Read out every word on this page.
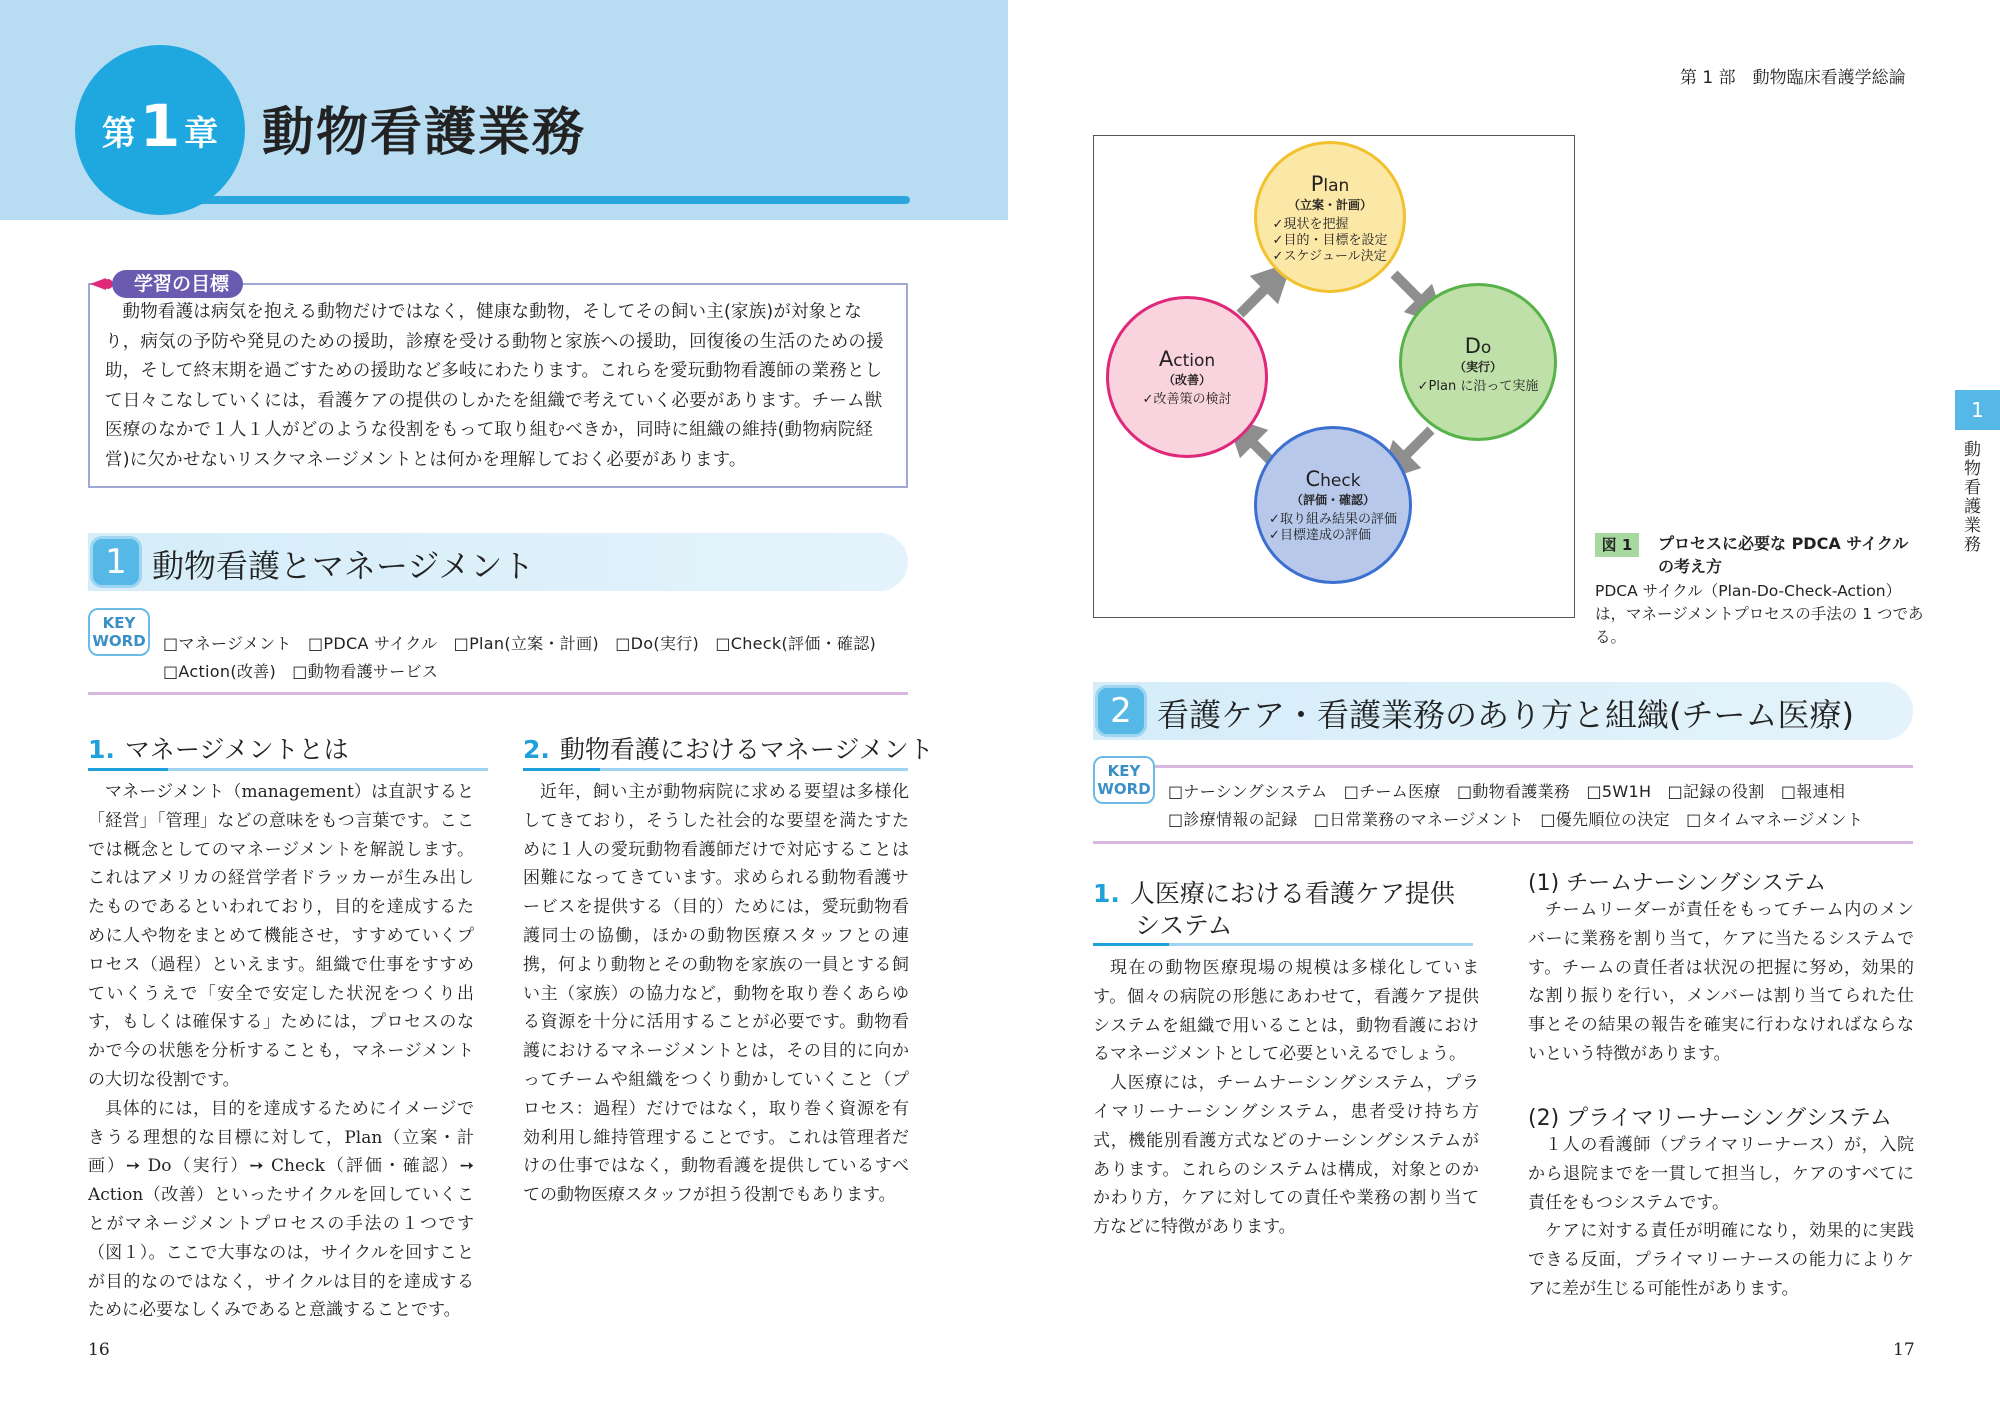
第 1 章 動物看護業務
学習の目標
動物看護は病気を抱える動物だけではなく，健康な動物，そしてその飼い主(家族)が対象となり，病気の予防や発見のための援助，診療を受ける動物と家族への援助，回復後の生活のための援助，そして終末期を過ごすための援助など多岐にわたります。これらを愛玩動物看護師の業務として日々こなしていくには，看護ケアの提供のしかたを組織で考えていく必要があります。チーム獣医療のなかで１人１人がどのような役割をもって取り組むべきか，同時に組織の維持(動物病院経営)に欠かせないリスクマネージメントとは何かを理解しておく必要があります。
1 動物看護とマネージメント
KEY
WORD □マネージメント　□PDCA サイクル　□Plan(立案・計画)　□Do(実行)　□Check(評価・確認)
□Action(改善)　□動物看護サービス
1. マネージメントとは

マネージメント（management）は直訳すると「経営」「管理」などの意味をもつ言葉です。ここでは概念としてのマネージメントを解説します。これはアメリカの経営学者ドラッカーが生み出したものであるといわれており，目的を達成するために人や物をまとめて機能させ，すすめていくプロセス（過程）といえます。組織で仕事をすすめていくうえで「安全で安定した状況をつくり出す，もしくは確保する」ためには，プロセスのなかで今の状態を分析することも，マネージメントの大切な役割です。

具体的には，目的を達成するためにイメージできうる理想的な目標に対して，Plan（立案・計画）➙ Do（実行）➙ Check（評価・確認）➙ Action（改善）といったサイクルを回していくことがマネージメントプロセスの手法の１つです（図１）。ここで大事なのは，サイクルを回すことが目的なのではなく，サイクルは目的を達成するために必要なしくみであると意識することです。

2. 動物看護におけるマネージメント

近年，飼い主が動物病院に求める要望は多様化してきており，そうした社会的な要望を満たすために１人の愛玩動物看護師だけで対応することは困難になってきています。求められる動物看護サービスを提供する（目的）ためには，愛玩動物看護同士の協働，ほかの動物医療スタッフとの連携，何より動物とその動物を家族の一員とする飼い主（家族）の協力など，動物を取り巻くあらゆる資源を十分に活用することが必要です。動物看護におけるマネージメントとは，その目的に向かってチームや組織をつくり動かしていくこと（プロセス：過程）だけではなく，取り巻く資源を有効利用し維持管理することです。これは管理者だけの仕事ではなく，動物看護を提供しているすべての動物医療スタッフが担う役割でもあります。

16
第 1 部　動物臨床看護学総論
1
動物看護業務
Plan
（立案・計画）
✓現状を把握
✓目的・目標を設定
✓スケジュール決定
Do
（実行）
✓Plan に沿って実施
Check
（評価・確認）
✓取り組み結果の評価
✓目標達成の評価
Action
（改善）
✓改善策の検討
図 1	プロセスに必要な PDCA サイクルの考え方
PDCA サイクル（Plan-Do-Check-Action）は，マネージメントプロセスの手法の 1 つである。
2 看護ケア・看護業務のあり方と組織(チーム医療)
KEY
WORD □ナーシングシステム　□チーム医療　□動物看護業務　□5W1H　□記録の役割　□報連相
□診療情報の記録　□日常業務のマネージメント　□優先順位の決定　□タイムマネージメント
1. 人医療における看護ケア提供
システム

現在の動物医療現場の規模は多様化しています。個々の病院の形態にあわせて，看護ケア提供システムを組織で用いることは，動物看護におけるマネージメントとして必要といえるでしょう。

人医療には，チームナーシングシステム，プライマリーナーシングシステム，患者受け持ち方式，機能別看護方式などのナーシングシステムがあります。これらのシステムは構成，対象とのかかわり方，ケアに対しての責任や業務の割り当て方などに特徴があります。

(1) チームナーシングシステム

チームリーダーが責任をもってチーム内のメンバーに業務を割り当て，ケアに当たるシステムです。チームの責任者は状況の把握に努め，効果的な割り振りを行い，メンバーは割り当てられた仕事とその結果の報告を確実に行わなければならないという特徴があります。

(2) プライマリーナーシングシステム

１人の看護師（プライマリーナース）が，入院から退院までを一貫して担当し，ケアのすべてに責任をもつシステムです。

ケアに対する責任が明確になり，効果的に実践できる反面，プライマリーナースの能力によりケアに差が生じる可能性があります。

17
